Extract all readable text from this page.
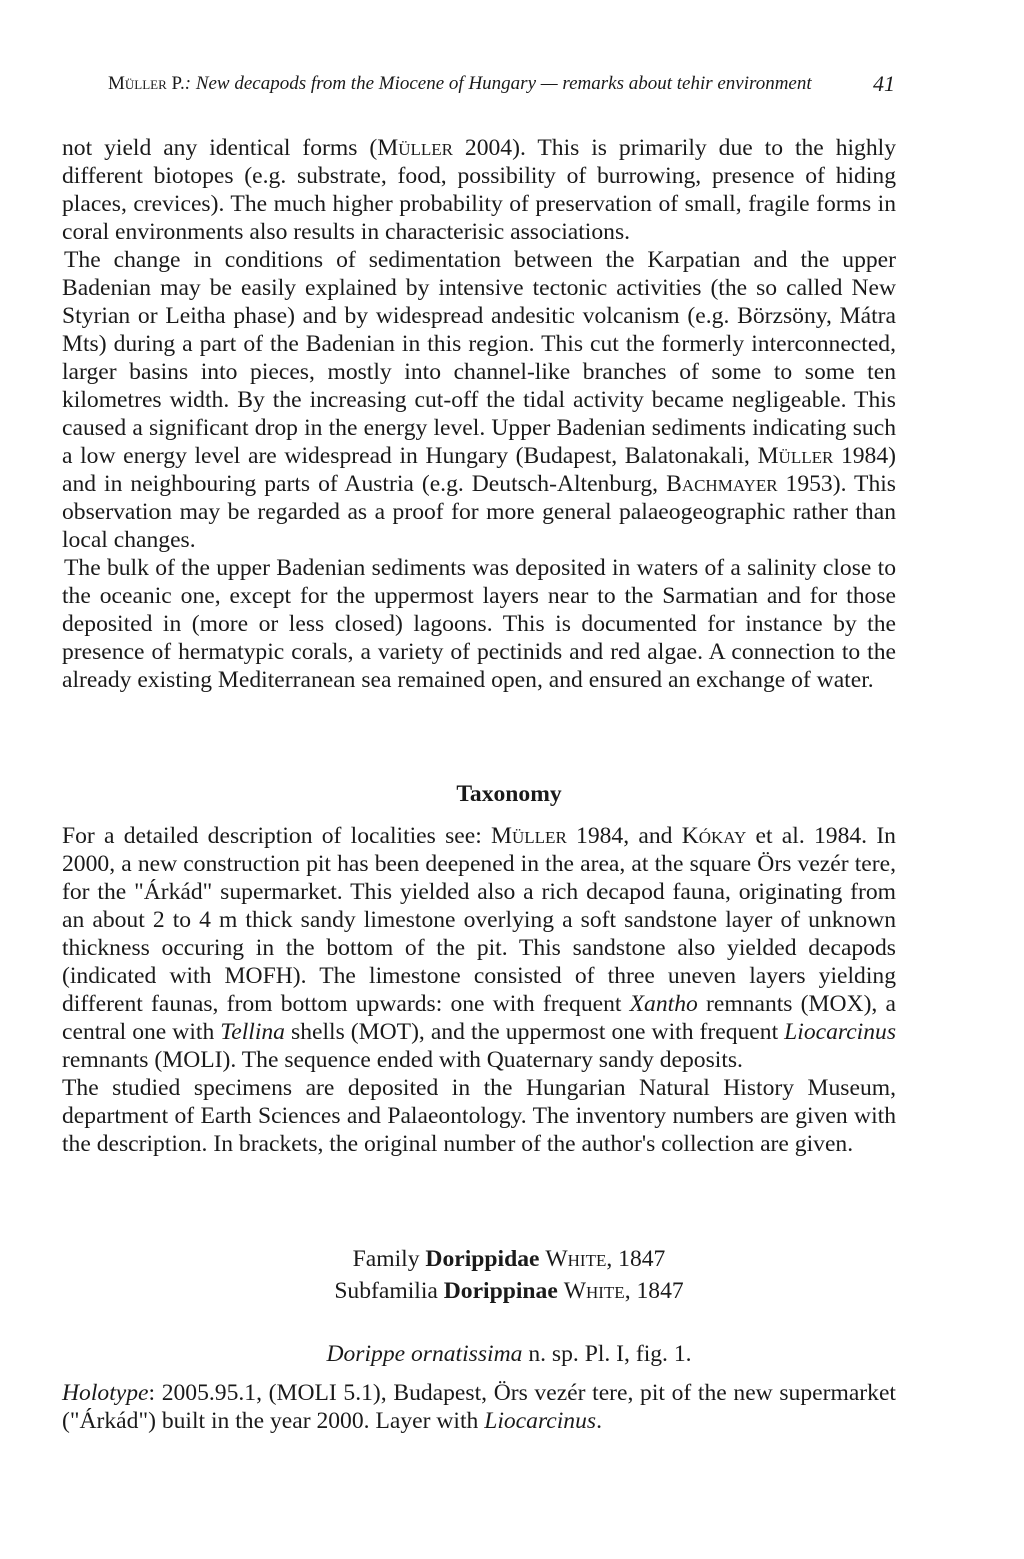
Müller P.: New decapods from the Miocene of Hungary — remarks about tehir environment	41

not yield any identical forms (Müller 2004). This is primarily due to the highly different biotopes (e.g. substrate, food, possibility of burrowing, presence of hiding places, crevices). The much higher probability of preservation of small, fragile forms in coral environments also results in characterisic associations.

The change in conditions of sedimentation between the Karpatian and the upper Badenian may be easily explained by intensive tectonic activities (the so called New Styrian or Leitha phase) and by widespread andesitic volcanism (e.g. Börzsöny, Mátra Mts) during a part of the Badenian in this region. This cut the formerly interconnected, larger basins into pieces, mostly into channel-like branches of some to some ten kilometres width. By the increasing cut-off the tidal activity became negligeable. This caused a significant drop in the energy level. Upper Badenian sediments indicating such a low energy level are widespread in Hungary (Budapest, Balatonakali, Müller 1984) and in neighbouring parts of Austria (e.g. Deutsch-Altenburg, Bachmayer 1953). This observation may be regarded as a proof for more general palaeogeographic rather than local changes.

The bulk of the upper Badenian sediments was deposited in waters of a salinity close to the oceanic one, except for the uppermost layers near to the Sarmatian and for those deposited in (more or less closed) lagoons. This is documented for instance by the presence of hermatypic corals, a variety of pectinids and red algae. A connection to the already existing Mediterranean sea remained open, and ensured an exchange of water.

Taxonomy

For a detailed description of localities see: Müller 1984, and Kókay et al. 1984. In 2000, a new construction pit has been deepened in the area, at the square Örs vezér tere, for the "Árkád" supermarket. This yielded also a rich decapod fauna, originating from an about 2 to 4 m thick sandy limestone overlying a soft sandstone layer of unknown thickness occuring in the bottom of the pit. This sandstone also yielded decapods (indicated with MOFH). The limestone consisted of three uneven layers yielding different faunas, from bottom upwards: one with frequent Xantho remnants (MOX), a central one with Tellina shells (MOT), and the uppermost one with frequent Liocarcinus remnants (MOLI). The sequence ended with Quaternary sandy deposits.

The studied specimens are deposited in the Hungarian Natural History Museum, department of Earth Sciences and Palaeontology. The inventory numbers are given with the description. In brackets, the original number of the author's collection are given.

Family Dorippidae White, 1847
Subfamilia Dorippinae White, 1847
Dorippe ornatissima n. sp. Pl. I, fig. 1.

Holotype: 2005.95.1, (MOLI 5.1), Budapest, Örs vezér tere, pit of the new supermarket ("Árkád") built in the year 2000. Layer with Liocarcinus.
